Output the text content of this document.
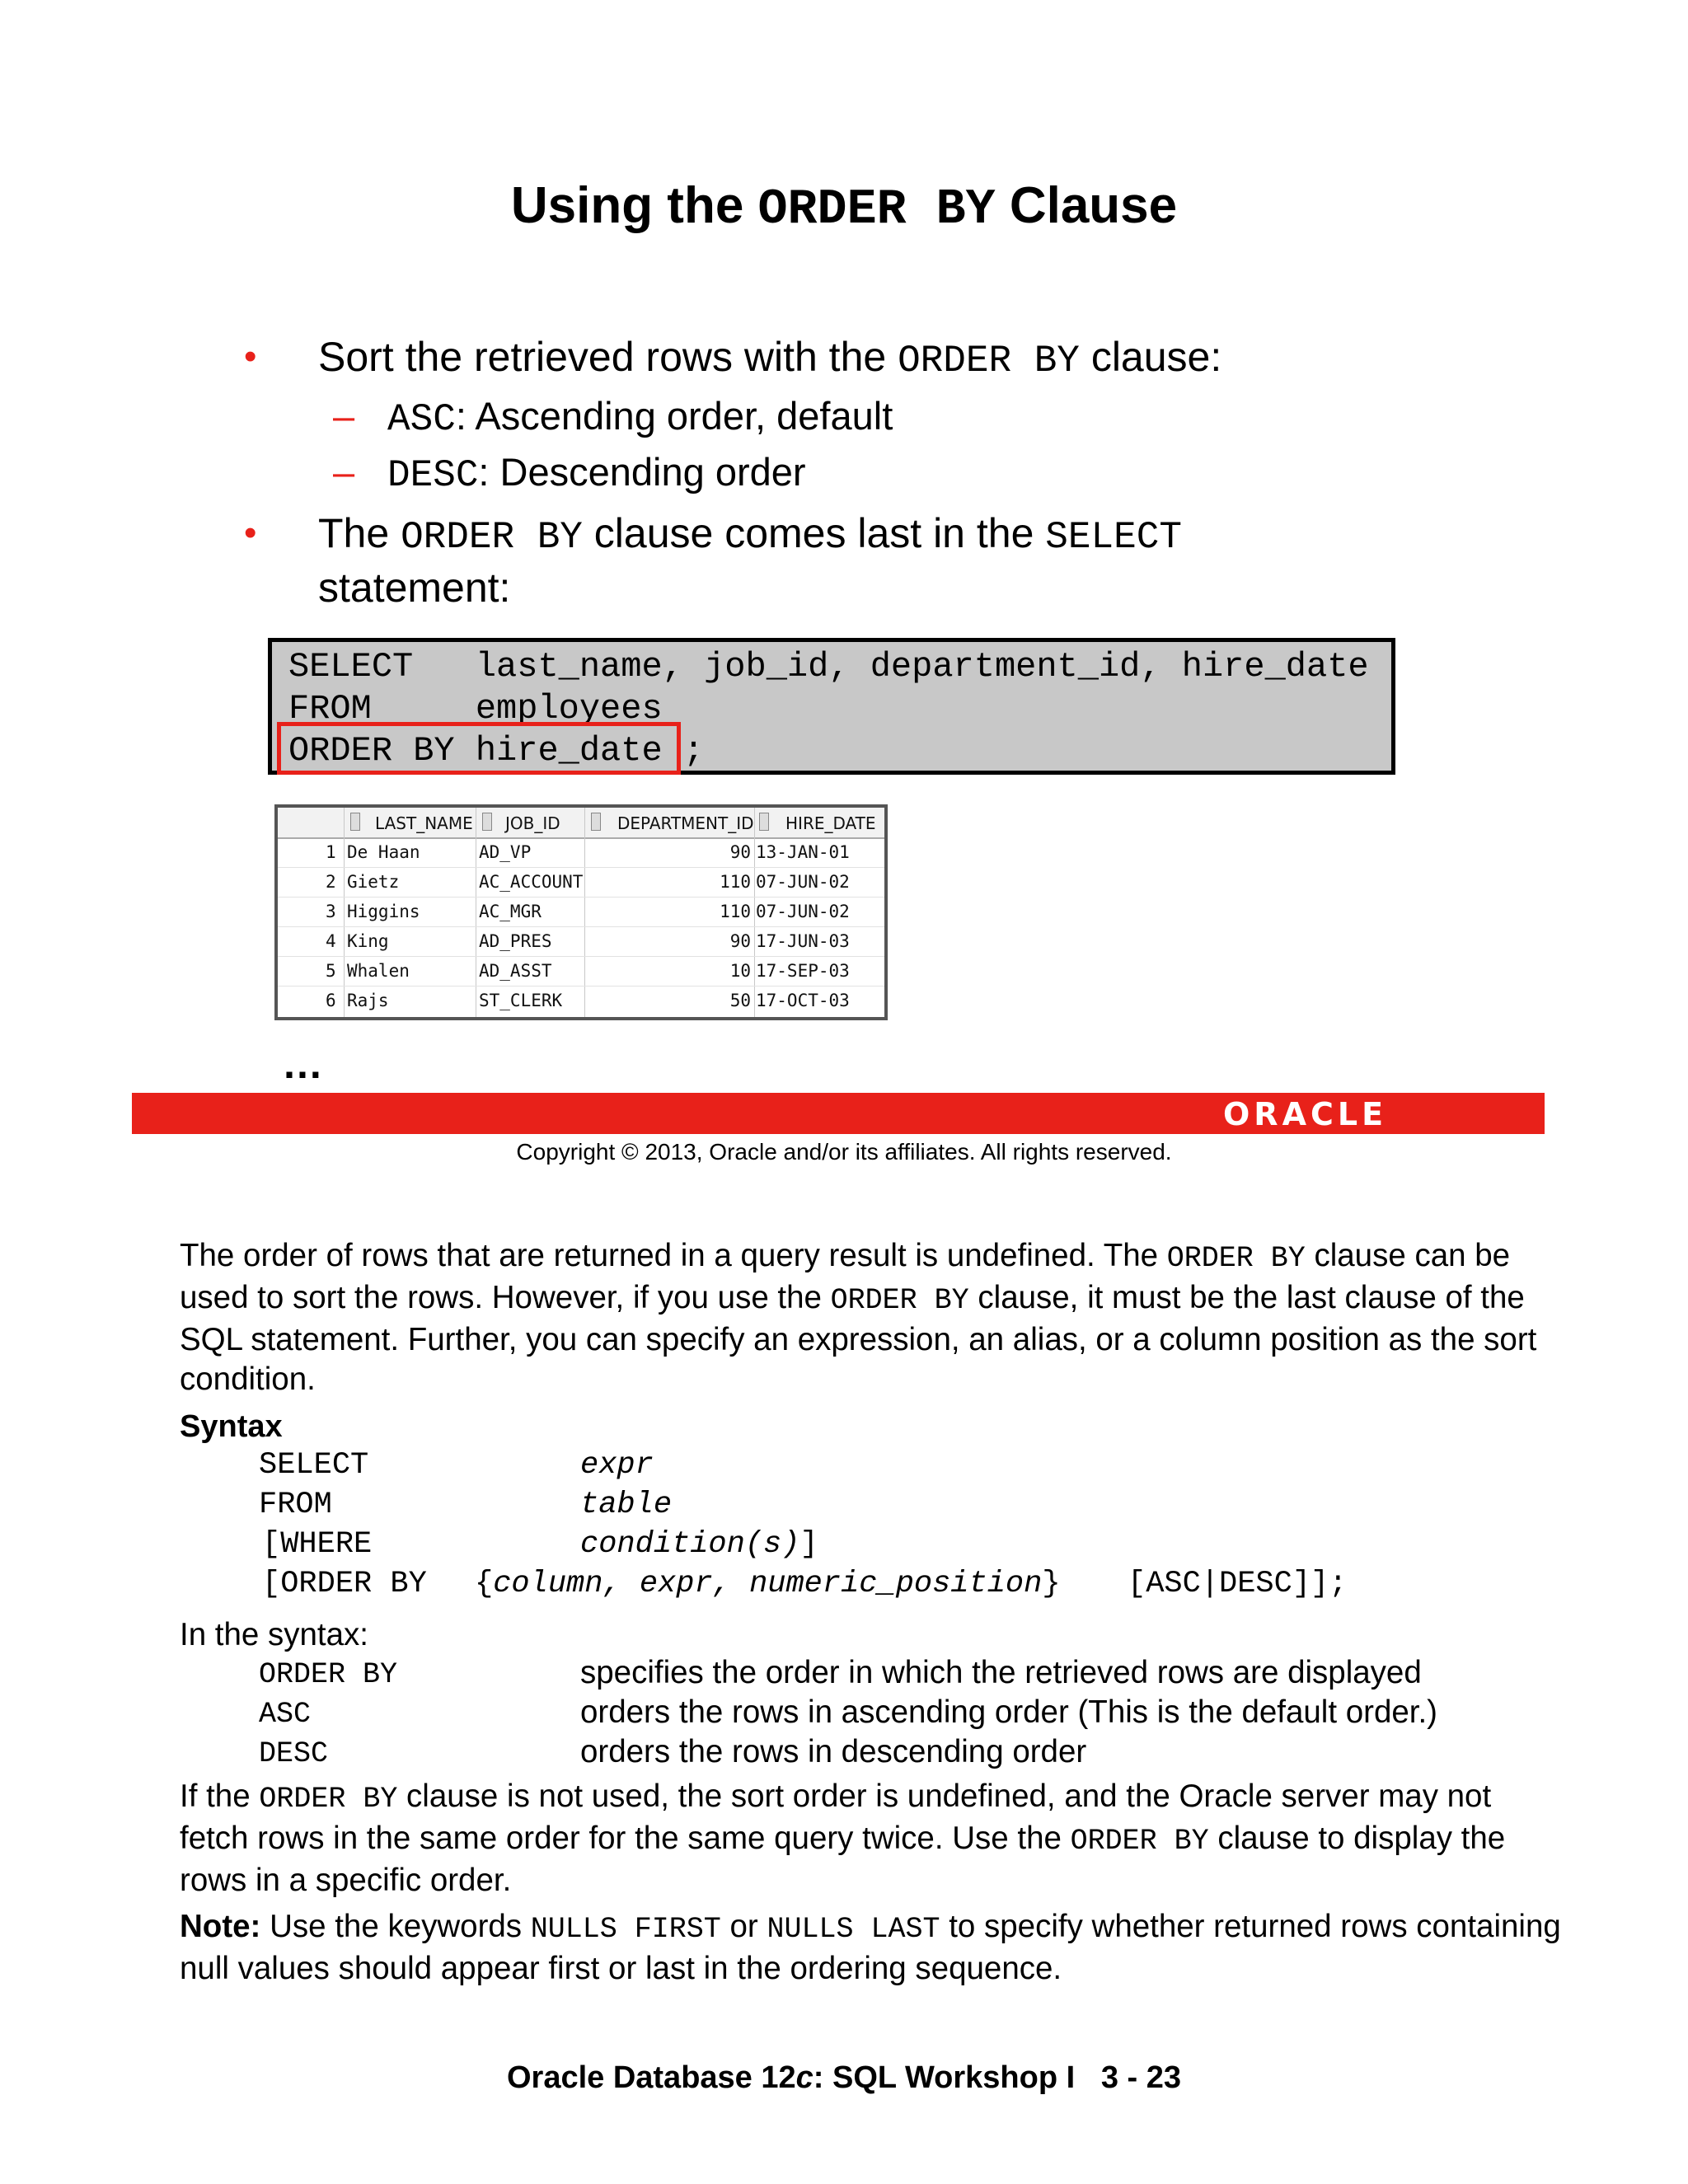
Using the ORDER BY Clause
• Sort the retrieved rows with the ORDER BY clause:
– ASC: Ascending order, default
– DESC: Descending order
• The ORDER BY clause comes last in the SELECT
statement:
SELECT   last_name, job_id, department_id, hire_date
FROM     employees
ORDER BY hire_date ;
LAST_NAME JOB_ID	DEPARTMENT_ID HIRE_DATE
1 De Haan	AD_VP	90 13-JAN-01
2 Gietz	AC_ACCOUNT	110 07-JUN-02
3 Higgins	AC_MGR	110 07-JUN-02
4 King	AD_PRES	90 17-JUN-03
5 Whalen	AD_ASST	10 17-SEP-03
6 Rajs	ST_CLERK	50 17-OCT-03
…
ORACLE
Copyright © 2013, Oracle and/or its affiliates. All rights reserved.
The order of rows that are returned in a query result is undefined. The ORDER BY clause can be used to sort the rows. However, if you use the ORDER BY clause, it must be the last clause of the SQL statement. Further, you can specify an expression, an alias, or a column position as the sort condition.
Syntax
SELECT	expr
FROM	table
[WHERE	condition(s)]
[ORDER BY {column, expr, numeric_position} [ASC|DESC]];
In the syntax:
ORDER BY	specifies the order in which the retrieved rows are displayed
ASC	orders the rows in ascending order (This is the default order.)
DESC	orders the rows in descending order
If the ORDER BY clause is not used, the sort order is undefined, and the Oracle server may not fetch rows in the same order for the same query twice. Use the ORDER BY clause to display the rows in a specific order.
Note: Use the keywords NULLS FIRST or NULLS LAST to specify whether returned rows containing null values should appear first or last in the ordering sequence.
Oracle Database 12c: SQL Workshop I   3 - 23
